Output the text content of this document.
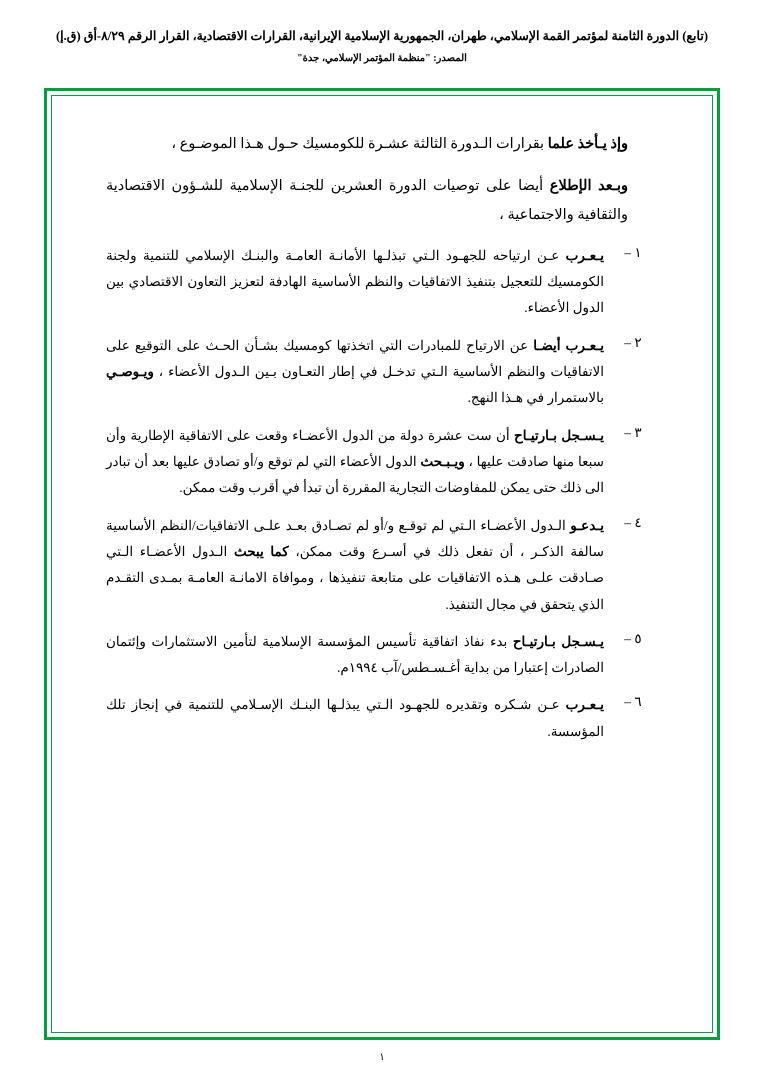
(تابع) الدورة الثامنة لمؤتمر القمة الإسلامي، طهران، الجمهورية الإسلامية الإيرانية، القرارات الاقتصادية، القرار الرقم ٨/٢٩-أق (ق.إ)
المصدر: "منظمة المؤتمر الإسلامي، جدة"
وإذ يـأخذ علما بقرارات الـدورة الثالثة عشـرة للكومسيك حـول هـذا الموضـوع ،
وبـعد الإطلاع أيضا على توصيات الدورة العشرين للجنـة الإسلامية للشـؤون الاقتصادية والثقافية والاجتماعية ،
١ –
يـعـرب عـن ارتياحه للجهـود الـتي تبذلـها الأمانـة العامـة والبنـك الإسلامي للتنمية ولجنة الكومسيك للتعجيل بتنفيذ الاتفاقيات والنظم الأساسية الهادفة لتعزيز التعاون الاقتصادي بين الدول الأعضاء.
٢ –
يـعـرب أيضـا عن الارتياح للمبادرات التي اتخذتها كومسيك بشـأن الحـث على التوقيع على الاتفاقيات والنظم الأساسية الـتي تدخـل في إطار التعـاون بـين الـدول الأعضاء ، ويـوصـي بالاستمرار في هـذا النهج.
٣ –
يـسـجل بـارتيـاح أن ست عشرة دولة من الدول الأعضـاء وقعت على الاتفاقية الإطارية وأن سبعا منها صادقت عليها ، ويـبـحث الدول الأعضاء التي لم توقع و/أو تصادق عليها بعد أن تبادر الى ذلك حتى يمكن للمفاوضات التجارية المقررة أن تبدأ في أقرب وقت ممكن.
٤ –
يـدعـو الـدول الأعضـاء الـتي لم توقـع و/أو لم تصـادق بعـد علـى الاتفاقيات/النظم الأساسية سالفة الذكـر ، أن تفعل ذلك في أسـرع وقت ممكن، كما يبحث الـدول الأعضـاء الـتي صـادقت علـى هـذه الاتفاقيات على متابعة تنفيذها ، وموافاة الامانـة العامـة بمـدى التقـدم الذي يتحقق في مجال التنفيذ.
٥ –
يـسـجل بـارتيـاح بدء نفاذ اتفاقية تأسيس المؤسسة الإسلامية لتأمين الاستثمارات وإئتمان الصادرات إعتبارا من بداية أغـسـطس/آب ١٩٩٤م.
٦ –
يـعـرب عـن شـكره وتقديره للجهـود الـتي يبذلـها البنـك الإسـلامي للتنمية في إنجاز تلك المؤسسة.
١
